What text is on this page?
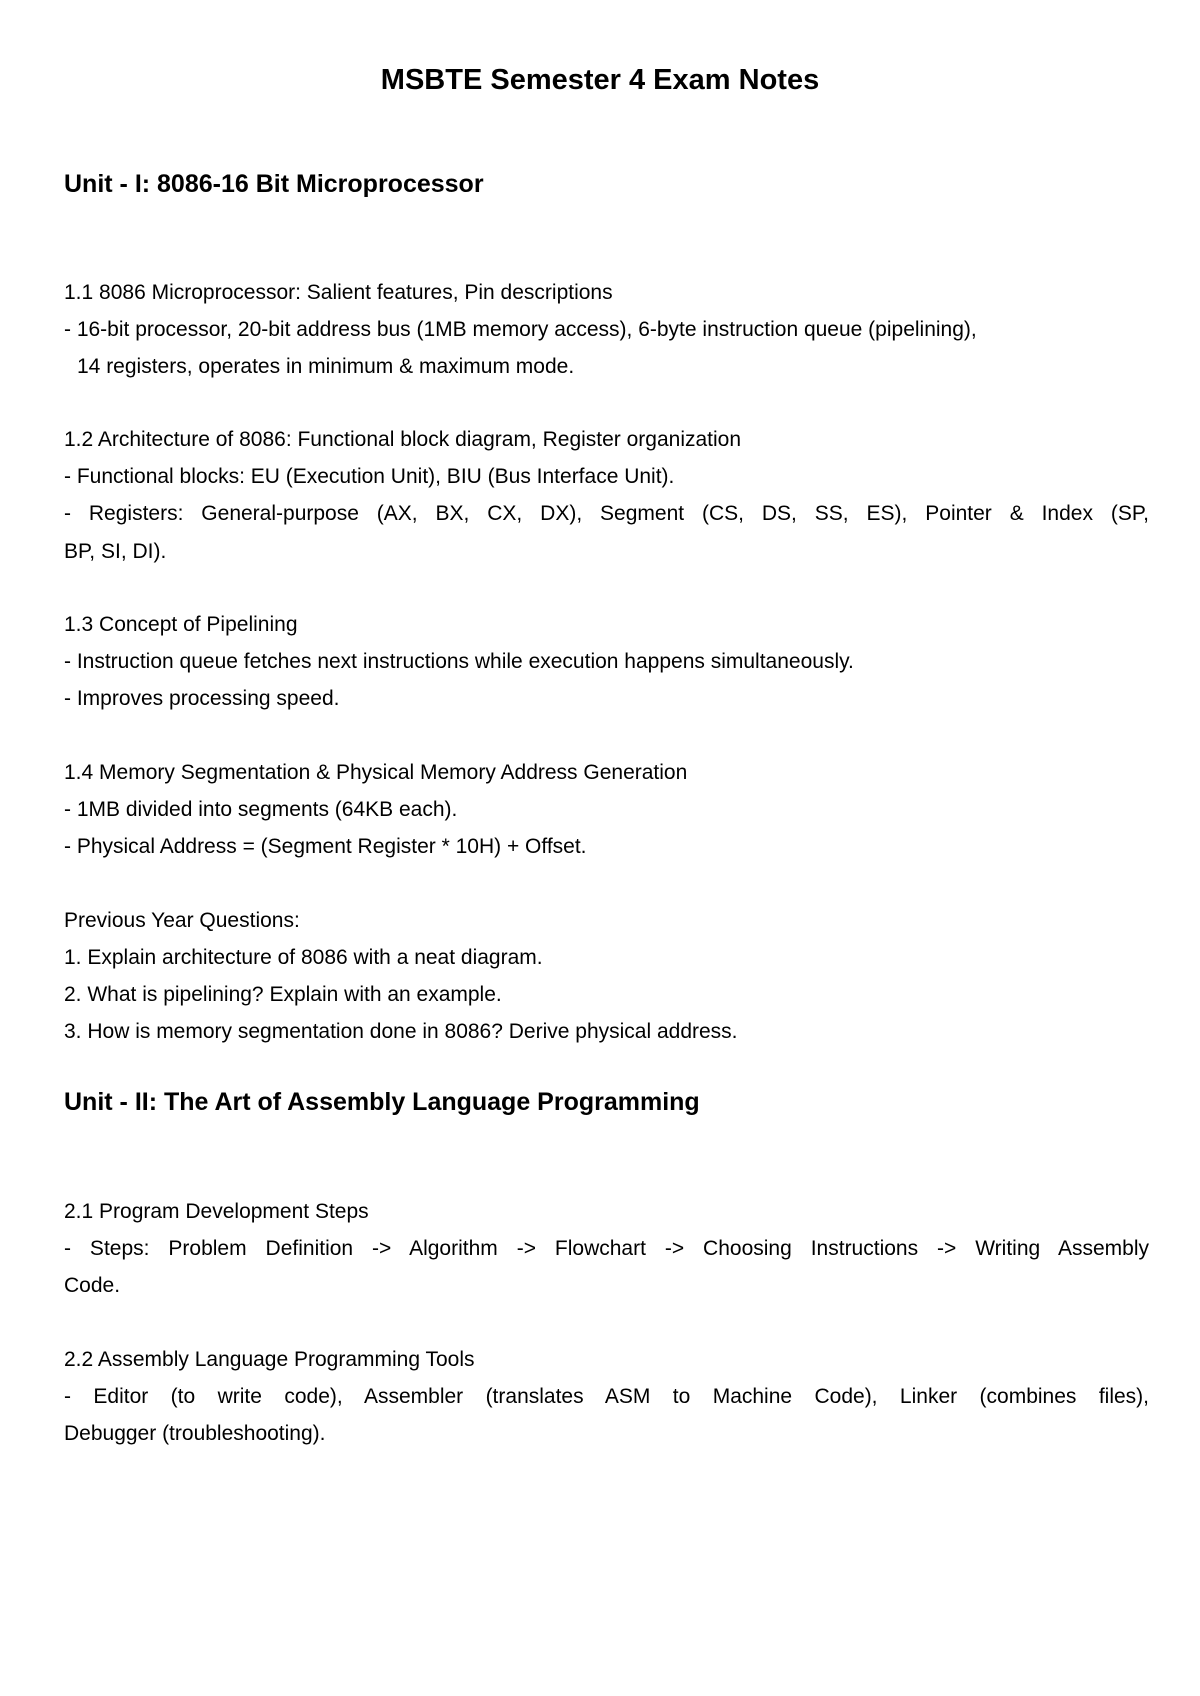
MSBTE Semester 4 Exam Notes
Unit - I: 8086-16 Bit Microprocessor

1.1 8086 Microprocessor: Salient features, Pin descriptions

- 16-bit processor, 20-bit address bus (1MB memory access), 6-byte instruction queue (pipelining),

14 registers, operates in minimum & maximum mode.

1.2 Architecture of 8086: Functional block diagram, Register organization

- Functional blocks: EU (Execution Unit), BIU (Bus Interface Unit).

- Registers: General-purpose (AX, BX, CX, DX), Segment (CS, DS, SS, ES), Pointer & Index (SP,

BP, SI, DI).

1.3 Concept of Pipelining

- Instruction queue fetches next instructions while execution happens simultaneously.

- Improves processing speed.

1.4 Memory Segmentation & Physical Memory Address Generation

- 1MB divided into segments (64KB each).

- Physical Address = (Segment Register * 10H) + Offset.

Previous Year Questions:

1. Explain architecture of 8086 with a neat diagram.

2. What is pipelining? Explain with an example.

3. How is memory segmentation done in 8086? Derive physical address.

Unit - II: The Art of Assembly Language Programming

2.1 Program Development Steps

- Steps: Problem Definition -> Algorithm -> Flowchart -> Choosing Instructions -> Writing Assembly

Code.

2.2 Assembly Language Programming Tools

- Editor (to write code), Assembler (translates ASM to Machine Code), Linker (combines files),

Debugger (troubleshooting).
